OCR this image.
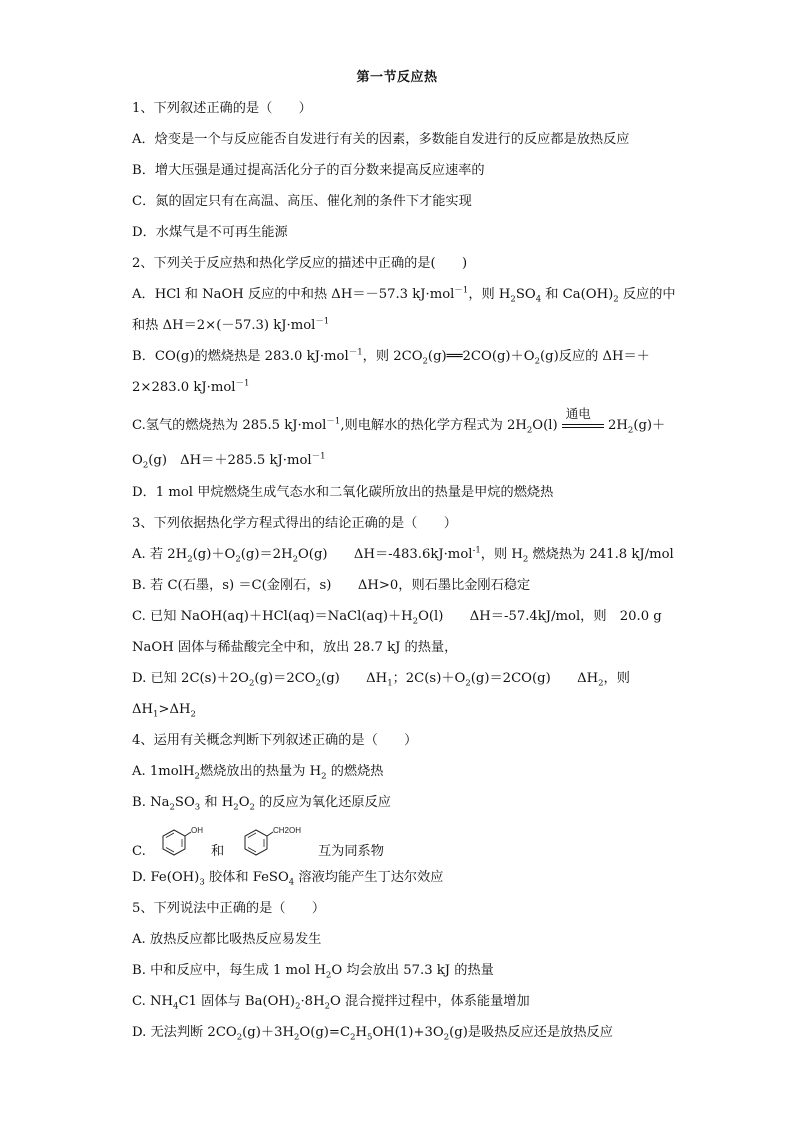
第一节反应热
1、下列叙述正确的是（　　）
A．焓变是一个与反应能否自发进行有关的因素，多数能自发进行的反应都是放热反应
B．增大压强是通过提高活化分子的百分数来提高反应速率的
C．氮的固定只有在高温、高压、催化剂的条件下才能实现
D．水煤气是不可再生能源
2、下列关于反应热和热化学反应的描述中正确的是(　　)
A．HCl 和 NaOH 反应的中和热 ΔH＝－57.3 kJ·mol$^{-1}$，则 $H_2SO_4$ 和 $Ca(OH)_2$ 反应的中
和热 ΔH＝2×(－57.3) kJ·mol$^{-1}$
B．CO(g)的燃烧热是 283.0 kJ·mol$^{-1}$，则 $2CO_2(g)══2CO(g)+O_2(g)$反应的 ΔH＝＋
2×283.0 kJ·mol$^{-1}$
C.氢气的燃烧热为 285.5 kJ·mol$^{-1}$,则电解水的热化学方程式为 $2H_2O(l)$
通电
$2H_2(g)+$
$O_2(g)$　ΔH＝＋285.5 kJ·mol$^{-1}$
D．1 mol 甲烷燃烧生成气态水和二氧化碳所放出的热量是甲烷的燃烧热
3、下列依据热化学方程式得出的结论正确的是（　　）
A. 若 $2H_2(g)+O_2(g)=2H_2O(g)$　　ΔH＝-483.6kJ·mol$^{-1}$，则 $H_2$ 燃烧热为 241.8 kJ/mol
B. 若 C(石墨，s) ＝C(金刚石，s)　　ΔH>0，则石墨比金刚石稳定
C. 已知 $NaOH(aq)+HCl(aq)=NaCl(aq)+H_2O(l)$　　ΔH＝-57.4kJ/mol，则　20.0 g
NaOH 固体与稀盐酸完全中和，放出 28.7 kJ 的热量，
D. 已知 $2C(s)+2O_2(g)=2CO_2(g)$　　$\Delta H_1$；$2C(s)+O_2(g)=2CO(g)$　　$\Delta H_2$，则
$\Delta H_1>\Delta H_2$
4、运用有关概念判断下列叙述正确的是（　　）
A. 1molH$_2$燃烧放出的热量为 $H_2$ 的燃烧热
B. $Na_2SO_3$ 和 $H_2O_2$ 的反应为氧化还原反应
C.
OH
和
CH2OH
互为同系物
D. $Fe(OH)_3$ 胶体和 FeSO$_4$ 溶液均能产生丁达尔效应
5、下列说法中正确的是（　　）
A. 放热反应都比吸热反应易发生
B. 中和反应中，每生成 1 mol $H_2O$ 均会放出 57.3 kJ 的热量
C. $NH_4C1$ 固体与 $Ba(OH)_2\cdot 8H_2O$ 混合搅拌过程中，体系能量增加
D. 无法判断 $2CO_2(g)+3H_2O(g)=C_2H_5OH(1)+3O_2(g)$是吸热反应还是放热反应
